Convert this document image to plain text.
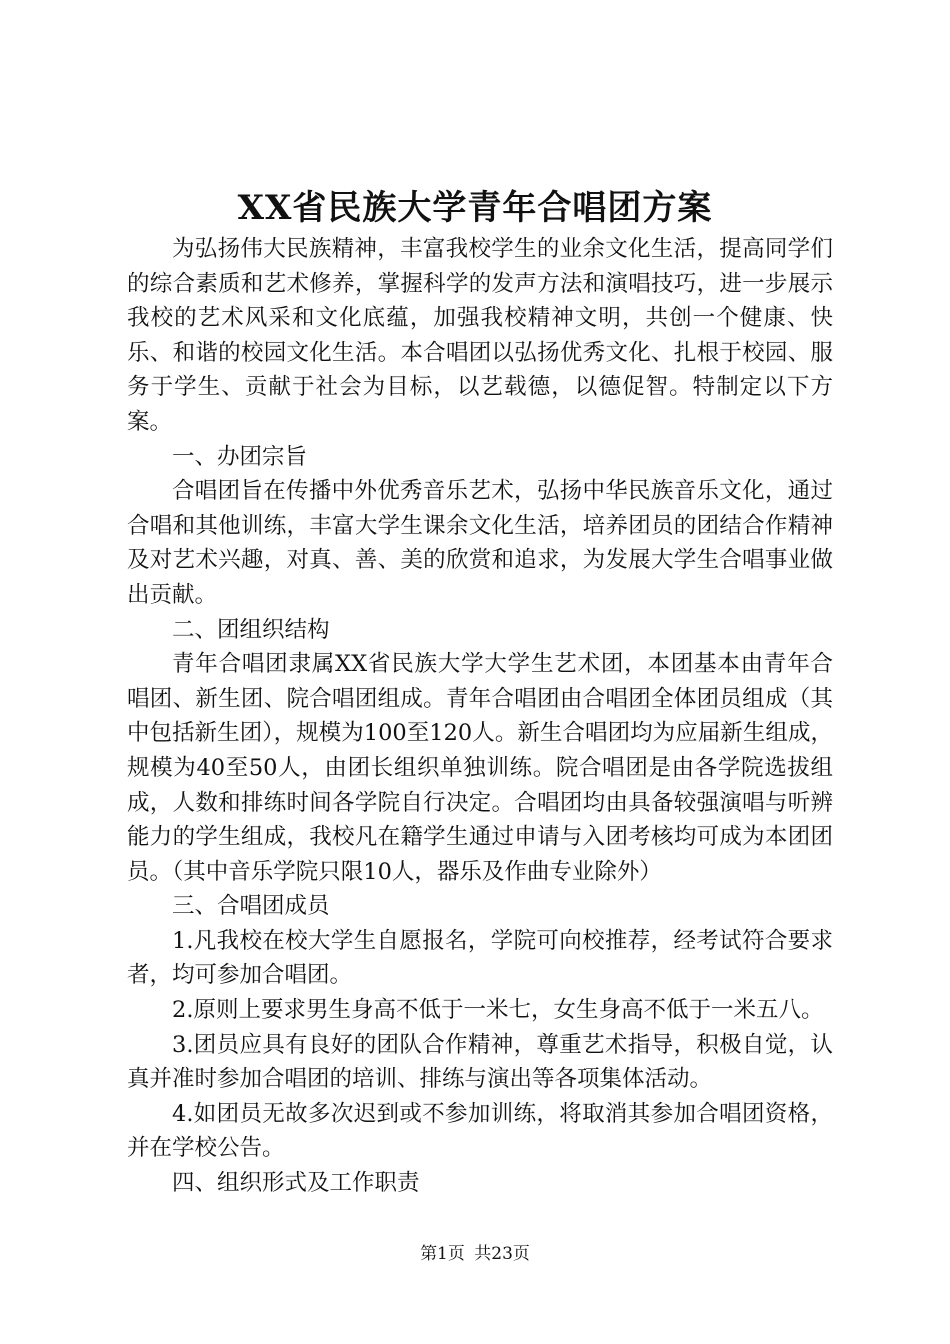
XX省民族大学青年合唱团方案

为弘扬伟大民族精神，丰富我校学生的业余文化生活，提高同学们的综合素质和艺术修养，掌握科学的发声方法和演唱技巧，进一步展示我校的艺术风采和文化底蕴，加强我校精神文明，共创一个健康、快乐、和谐的校园文化生活。本合唱团以弘扬优秀文化、扎根于校园、服务于学生、贡献于社会为目标，以艺载德，以德促智。特制定以下方案。

一、办团宗旨

合唱团旨在传播中外优秀音乐艺术，弘扬中华民族音乐文化，通过合唱和其他训练，丰富大学生课余文化生活，培养团员的团结合作精神及对艺术兴趣，对真、善、美的欣赏和追求，为发展大学生合唱事业做出贡献。

二、团组织结构

青年合唱团隶属XX省民族大学大学生艺术团，本团基本由青年合唱团、新生团、院合唱团组成。青年合唱团由合唱团全体团员组成（其中包括新生团），规模为100至120人。新生合唱团均为应届新生组成，规模为40至50人，由团长组织单独训练。院合唱团是由各学院选拔组成，人数和排练时间各学院自行决定。合唱团均由具备较强演唱与听辨能力的学生组成，我校凡在籍学生通过申请与入团考核均可成为本团团员。（其中音乐学院只限10人，器乐及作曲专业除外）

三、合唱团成员

1.凡我校在校大学生自愿报名，学院可向校推荐，经考试符合要求者，均可参加合唱团。

2.原则上要求男生身高不低于一米七，女生身高不低于一米五八。

3.团员应具有良好的团队合作精神，尊重艺术指导，积极自觉，认真并准时参加合唱团的培训、排练与演出等各项集体活动。

4.如团员无故多次迟到或不参加训练，将取消其参加合唱团资格，并在学校公告。

四、组织形式及工作职责

第1页 共23页
